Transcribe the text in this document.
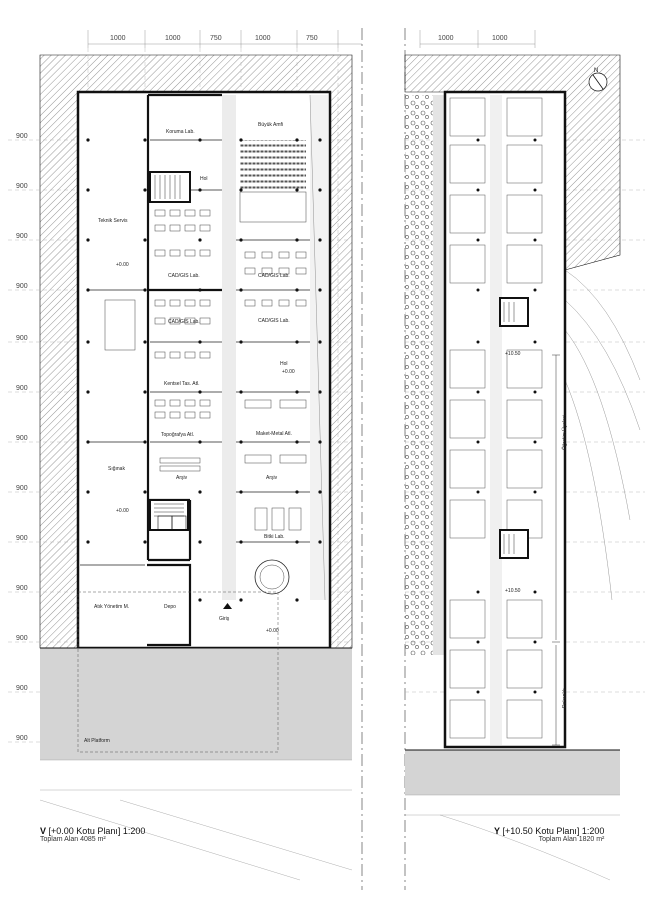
1000	1000	750	1000	750
900
900
900
900
900
900
900
900
900
900
900
900
900
Koruma Lab.
Büyük Amfi
Hol
Teknik Servis
+0.00
CAD/GIS Lab.	CAD/GIS Lab.
CAD/GIS Lab.	CAD/GIS Lab.
Hol
+0.00
Kentsel Tas. Atl.
Topoğrafya Atl.	Maket-Metal Atl.
Sığınak
Arşiv	Arşiv
+0.00
Bitki Lab.
Atık Yönetim M.	Depo
Giriş
+0.00
Alt Platform
1000	1000
+10.50
+10.50
Öğretim Üyeleri
Dekanlık
N
V [+0.00 Kotu Planı] 1:200
Toplam Alan 4085 m²
Y [+10.50 Kotu Planı] 1:200
Toplam Alan 1820 m²
